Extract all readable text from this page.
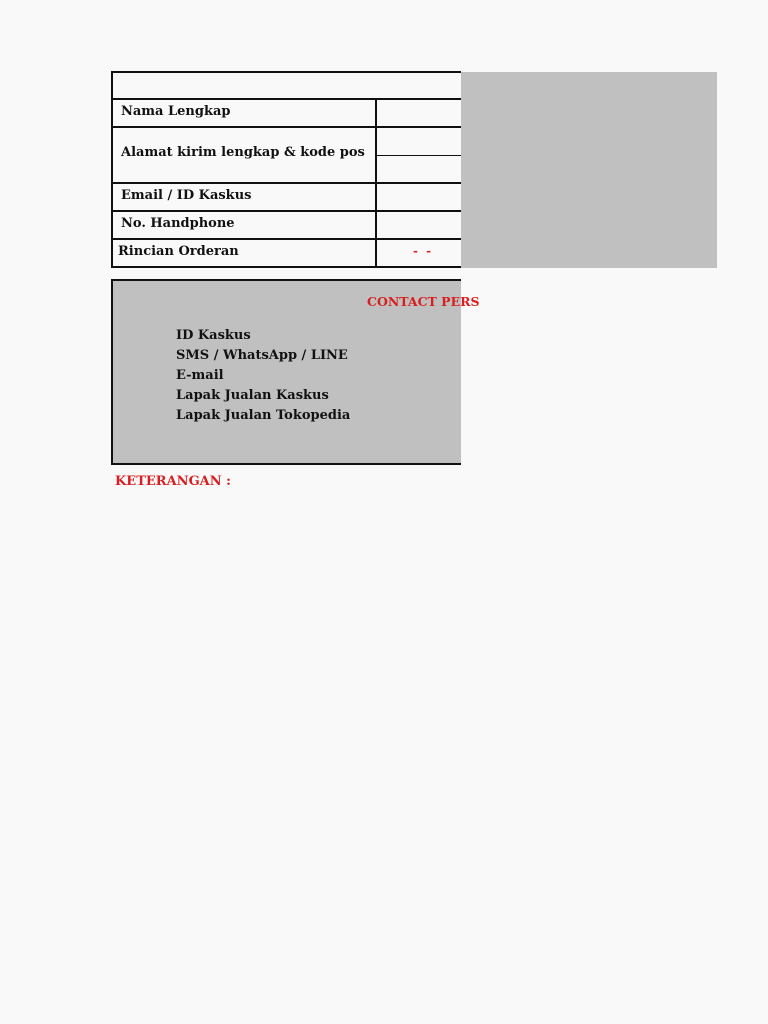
Nama Lengkap
Alamat kirim lengkap & kode pos
Email / ID Kaskus
No. Handphone
Rincian Orderan	- -
CONTACT PERS
ID Kaskus
SMS / WhatsApp / LINE
E-mail
Lapak Jualan Kaskus
Lapak Jualan Tokopedia
KETERANGAN :
